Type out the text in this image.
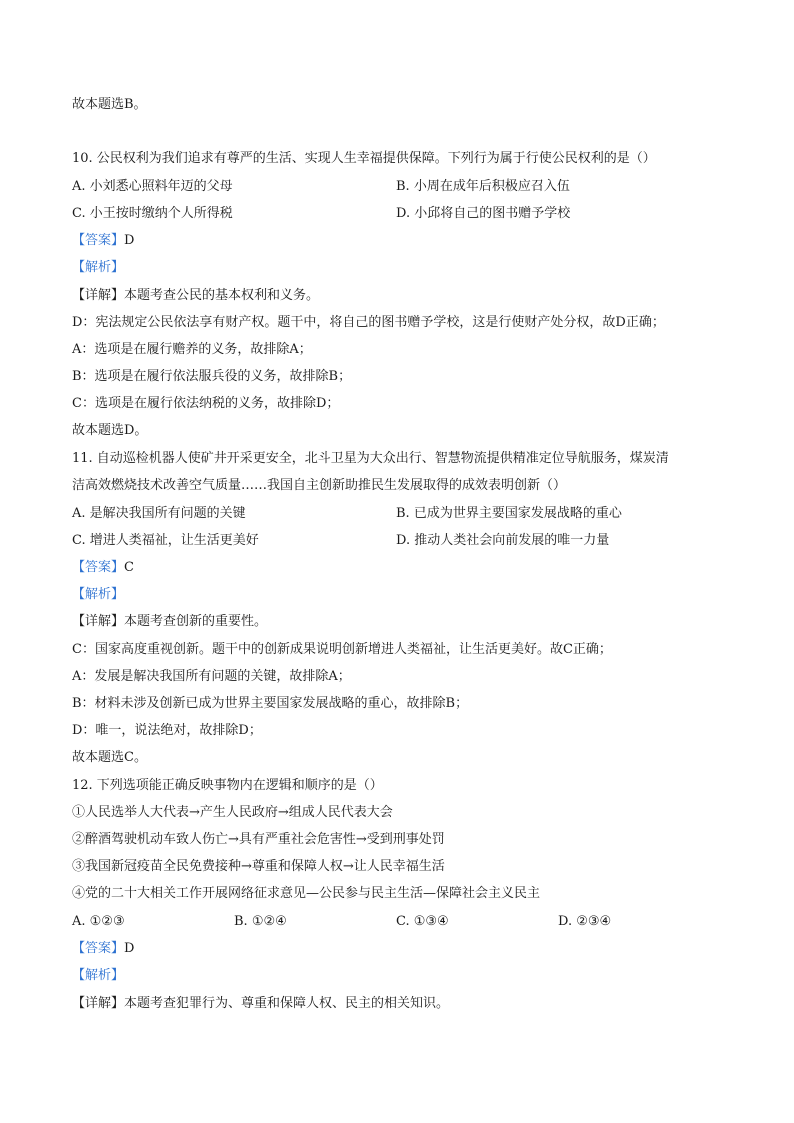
故本题选B。
10. 公民权利为我们追求有尊严的生活、实现人生幸福提供保障。下列行为属于行使公民权利的是（）
A. 小刘悉心照料年迈的父母	B. 小周在成年后积极应召入伍
C. 小王按时缴纳个人所得税	D. 小邱将自己的图书赠予学校
【答案】D
【解析】
【详解】本题考查公民的基本权利和义务。
D：宪法规定公民依法享有财产权。题干中，将自己的图书赠予学校，这是行使财产处分权，故D正确；
A：选项是在履行赡养的义务，故排除A；
B：选项是在履行依法服兵役的义务，故排除B；
C：选项是在履行依法纳税的义务，故排除D；
故本题选D。
11. 自动巡检机器人使矿井开采更安全，北斗卫星为大众出行、智慧物流提供精准定位导航服务，煤炭清
洁高效燃烧技术改善空气质量……我国自主创新助推民生发展取得的成效表明创新（）
A. 是解决我国所有问题的关键	B. 已成为世界主要国家发展战略的重心
C. 增进人类福祉，让生活更美好	D. 推动人类社会向前发展的唯一力量
【答案】C
【解析】
【详解】本题考查创新的重要性。
C：国家高度重视创新。题干中的创新成果说明创新增进人类福祉，让生活更美好。故C正确；
A：发展是解决我国所有问题的关键，故排除A；
B：材料未涉及创新已成为世界主要国家发展战略的重心，故排除B；
D：唯一，说法绝对，故排除D；
故本题选C。
12. 下列选项能正确反映事物内在逻辑和顺序的是（）
①人民选举人大代表→产生人民政府→组成人民代表大会
②醉酒驾驶机动车致人伤亡→具有严重社会危害性→受到刑事处罚
③我国新冠疫苗全民免费接种→尊重和保障人权→让人民幸福生活
④党的二十大相关工作开展网络征求意见—公民参与民主生活—保障社会主义民主
A. ①②③	B. ①②④	C. ①③④	D. ②③④
【答案】D
【解析】
【详解】本题考查犯罪行为、尊重和保障人权、民主的相关知识。
